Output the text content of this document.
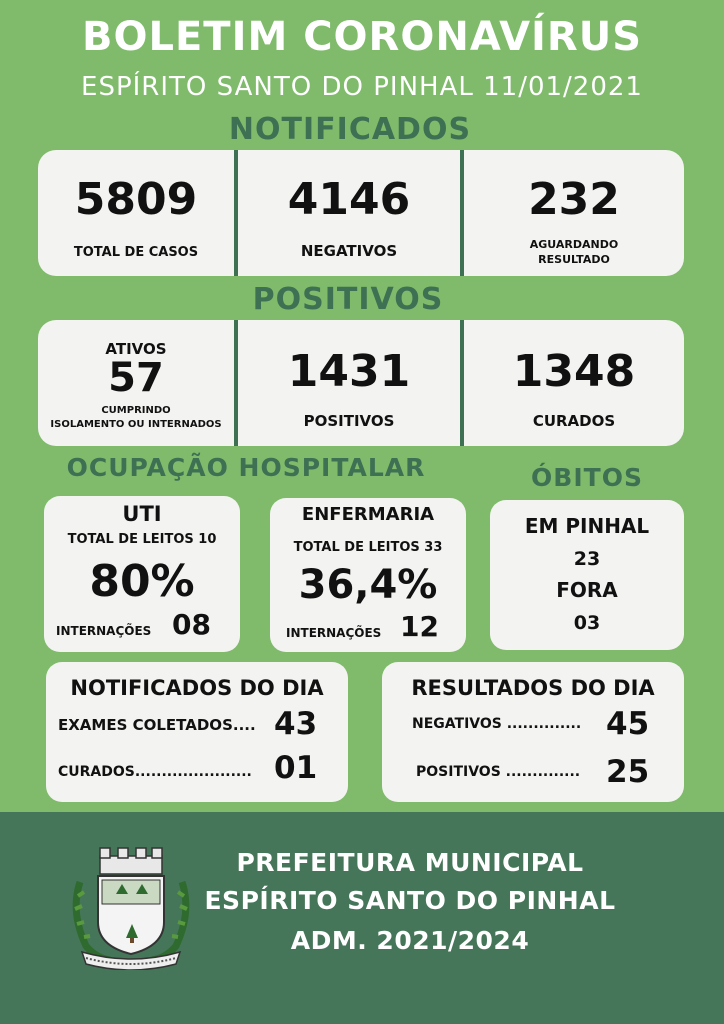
BOLETIM CORONAVÍRUS
ESPÍRITO SANTO DO PINHAL 11/01/2021
NOTIFICADOS
5809
TOTAL DE CASOS
4146
NEGATIVOS
232
AGUARDANDO
RESULTADO
POSITIVOS
ATIVOS
57
CUMPRINDO
ISOLAMENTO OU INTERNADOS
1431
POSITIVOS
1348
CURADOS
OCUPAÇÃO HOSPITALAR	ÓBITOS
UTI
TOTAL DE LEITOS 10
80%
INTERNAÇÕES 08
ENFERMARIA
TOTAL DE LEITOS 33
36,4%
INTERNAÇÕES 12
EM PINHAL
23
FORA
03
NOTIFICADOS DO DIA
EXAMES COLETADOS.... 43
CURADOS...................... 01
RESULTADOS DO DIA
NEGATIVOS .............. 45
POSITIVOS .............. 25
PREFEITURA MUNICIPAL
ESPÍRITO SANTO DO PINHAL
ADM. 2021/2024
